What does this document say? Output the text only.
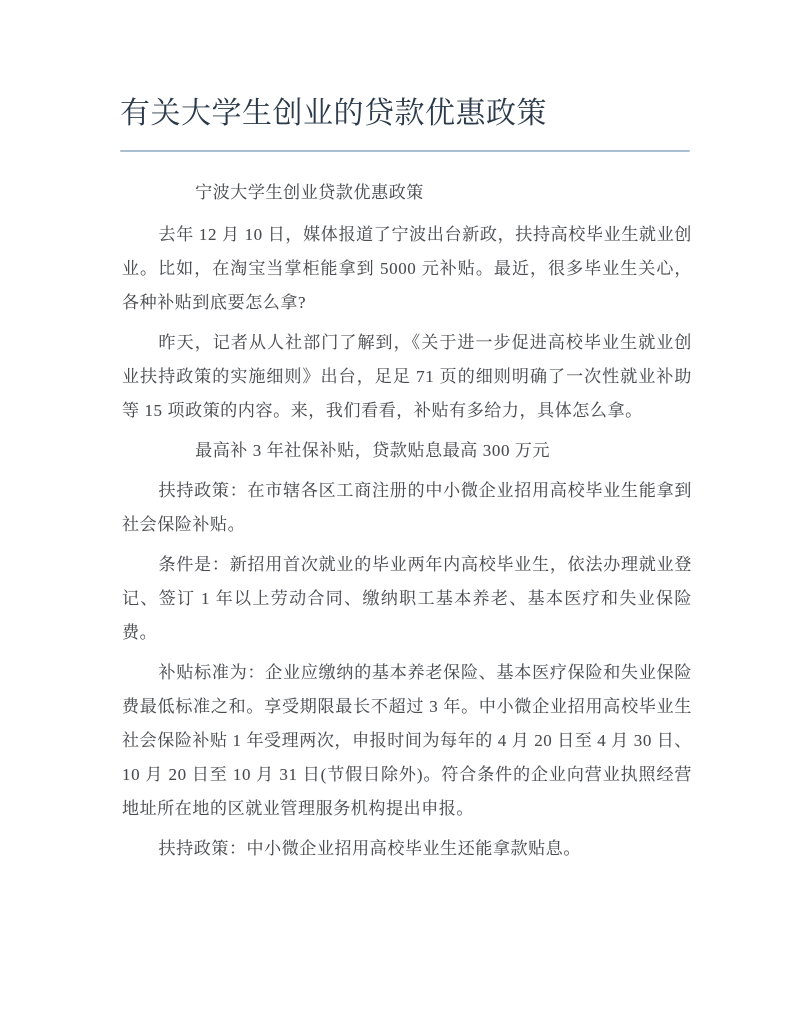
有关大学生创业的贷款优惠政策

宁波大学生创业贷款优惠政策

去年 12 月 10 日，媒体报道了宁波出台新政，扶持高校毕业生就业创业。比如，在淘宝当掌柜能拿到 5000 元补贴。最近，很多毕业生关心，各种补贴到底要怎么拿?

昨天，记者从人社部门了解到，《关于进一步促进高校毕业生就业创业扶持政策的实施细则》出台，足足 71 页的细则明确了一次性就业补助等 15 项政策的内容。来，我们看看，补贴有多给力，具体怎么拿。

最高补 3 年社保补贴，贷款贴息最高 300 万元

扶持政策：在市辖各区工商注册的中小微企业招用高校毕业生能拿到社会保险补贴。

条件是：新招用首次就业的毕业两年内高校毕业生，依法办理就业登记、签订 1 年以上劳动合同、缴纳职工基本养老、基本医疗和失业保险费。

补贴标准为：企业应缴纳的基本养老保险、基本医疗保险和失业保险费最低标准之和。享受期限最长不超过 3 年。中小微企业招用高校毕业生社会保险补贴 1 年受理两次，申报时间为每年的 4 月 20 日至 4 月 30 日、10 月 20 日至 10 月 31 日(节假日除外)。符合条件的企业向营业执照经营地址所在地的区就业管理服务机构提出申报。

扶持政策：中小微企业招用高校毕业生还能拿款贴息。
